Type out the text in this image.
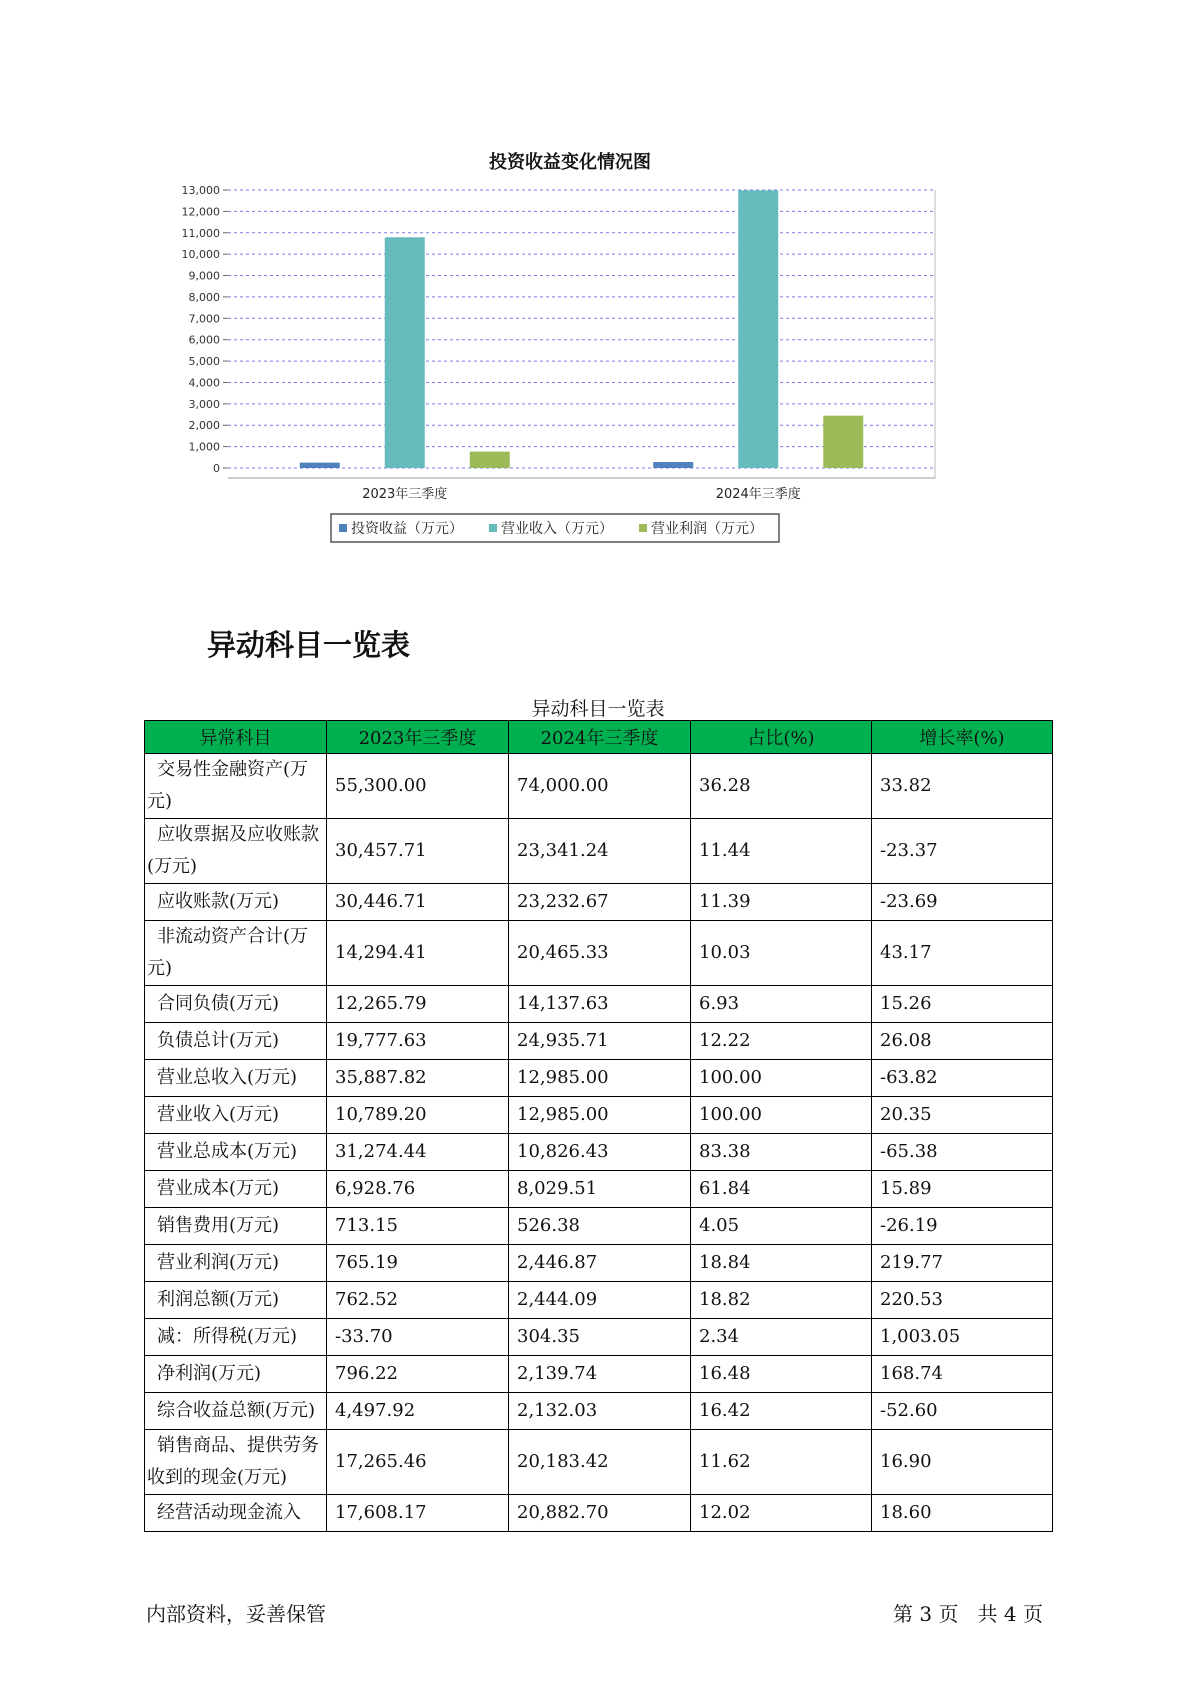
投资收益变化情况图
0
1,000
2,000
3,000
4,000
5,000
6,000
7,000
8,000
9,000
10,000
11,000
12,000
13,000
2023年三季度	2024年三季度
投资收益（万元）	营业收入（万元）	营业利润（万元）
异动科目一览表
异动科目一览表
异常科目	2023年三季度	2024年三季度	占比(%)	增长率(%)
交易性金融资产(万元)	55,300.00	74,000.00	36.28	33.82
应收票据及应收账款(万元)	30,457.71	23,341.24	11.44	-23.37
应收账款(万元)	30,446.71	23,232.67	11.39	-23.69
非流动资产合计(万元)	14,294.41	20,465.33	10.03	43.17
合同负债(万元)	12,265.79	14,137.63	6.93	15.26
负债总计(万元)	19,777.63	24,935.71	12.22	26.08
营业总收入(万元)	35,887.82	12,985.00	100.00	-63.82
营业收入(万元)	10,789.20	12,985.00	100.00	20.35
营业总成本(万元)	31,274.44	10,826.43	83.38	-65.38
营业成本(万元)	6,928.76	8,029.51	61.84	15.89
销售费用(万元)	713.15	526.38	4.05	-26.19
营业利润(万元)	765.19	2,446.87	18.84	219.77
利润总额(万元)	762.52	2,444.09	18.82	220.53
减：所得税(万元)	-33.70	304.35	2.34	1,003.05
净利润(万元)	796.22	2,139.74	16.48	168.74
综合收益总额(万元)	4,497.92	2,132.03	16.42	-52.60
销售商品、提供劳务收到的现金(万元)	17,265.46	20,183.42	11.62	16.90
经营活动现金流入	17,608.17	20,882.70	12.02	18.60
内部资料，妥善保管	第 3 页   共 4 页
